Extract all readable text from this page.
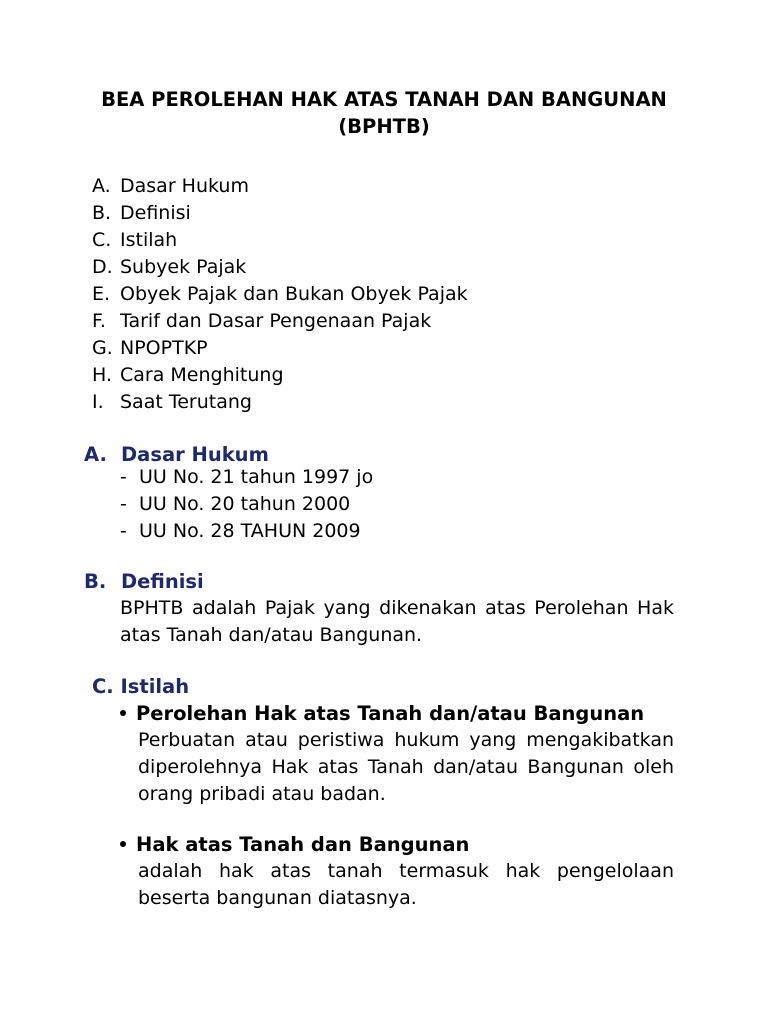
BEA PEROLEHAN HAK ATAS TANAH DAN BANGUNAN
(BPHTB)
A. Dasar Hukum
B. Definisi
C. Istilah
D. Subyek Pajak
E. Obyek Pajak dan Bukan Obyek Pajak
F. Tarif dan Dasar Pengenaan Pajak
G. NPOPTKP
H. Cara Menghitung
I. Saat Terutang
A. Dasar Hukum
- UU No. 21 tahun 1997 jo
- UU No. 20 tahun 2000
- UU No. 28 TAHUN 2009
B. Definisi
BPHTB adalah Pajak yang dikenakan atas Perolehan Hak atas Tanah dan/atau Bangunan.
C. Istilah
Perolehan Hak atas Tanah dan/atau Bangunan
Perbuatan atau peristiwa hukum yang mengakibatkan diperolehnya Hak atas Tanah dan/atau Bangunan oleh orang pribadi atau badan.
Hak atas Tanah dan Bangunan
adalah hak atas tanah termasuk hak pengelolaan beserta bangunan diatasnya.
